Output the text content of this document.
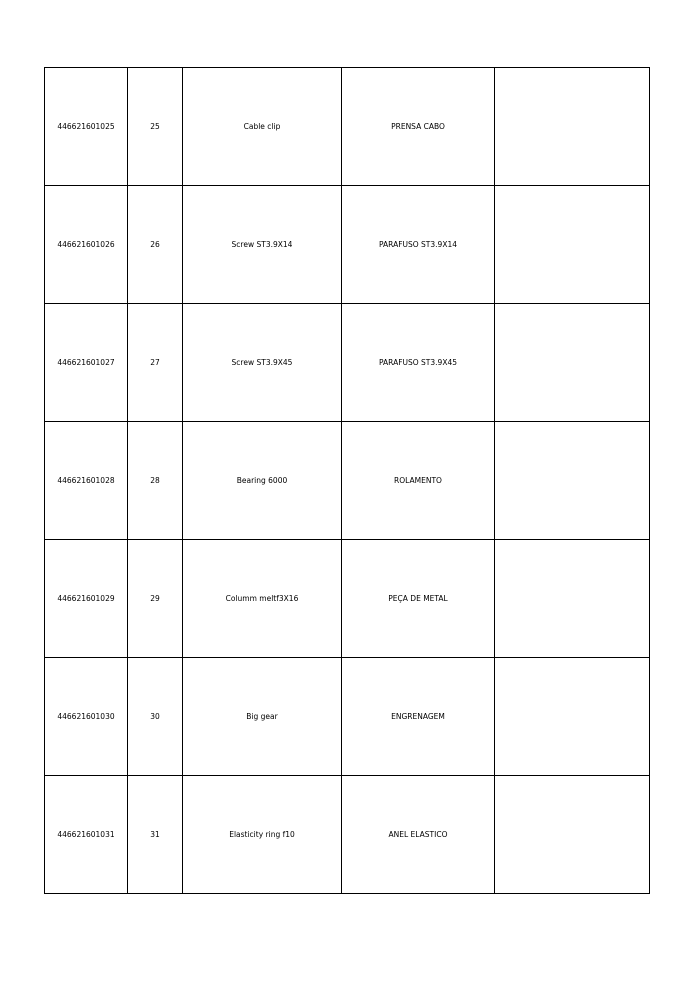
446621601025	25	Cable clip	PRENSA CABO	
446621601026	26	Screw ST3.9X14	PARAFUSO ST3.9X14	
446621601027	27	Screw ST3.9X45	PARAFUSO ST3.9X45	
446621601028	28	Bearing 6000	ROLAMENTO	
446621601029	29	Columm meltf3X16	PEÇA DE METAL	
446621601030	30	Big gear	ENGRENAGEM	
446621601031	31	Elasticity ring f10	ANEL ELASTICO	
